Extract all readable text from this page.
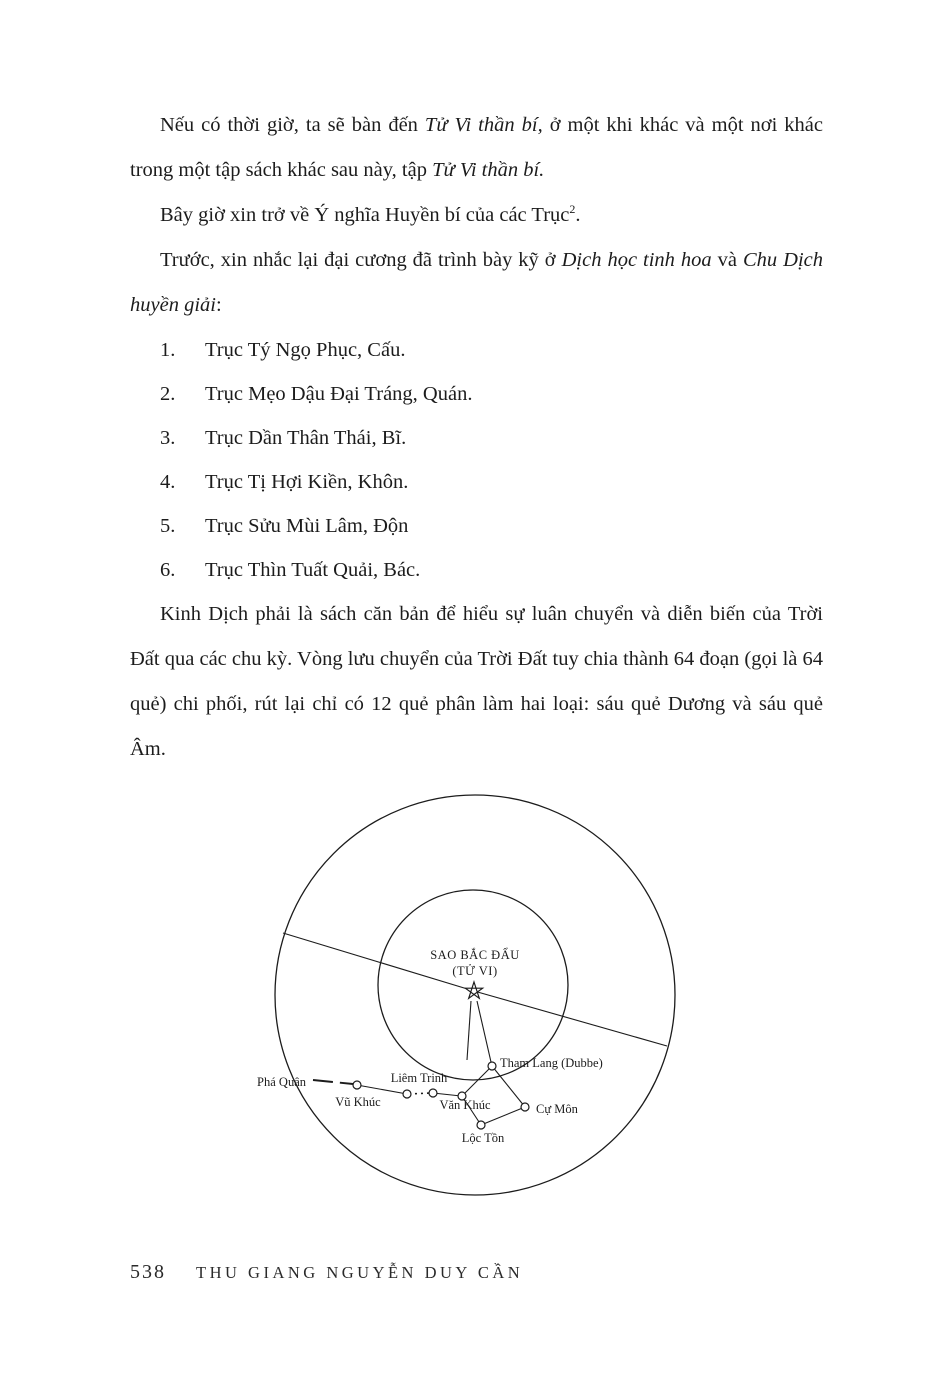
Nếu có thời giờ, ta sẽ bàn đến Tử Vi thần bí, ở một khi khác và một nơi khác trong một tập sách khác sau này, tập Tử Vi thần bí.

Bây giờ xin trở về Ý nghĩa Huyền bí của các Trục$^2$.

Trước, xin nhắc lại đại cương đã trình bày kỹ ở Dịch học tinh hoa và Chu Dịch huyền giải:

1. Trục Tý Ngọ Phục, Cấu.
2. Trục Mẹo Dậu Đại Tráng, Quán.
3. Trục Dần Thân Thái, Bĩ.
4. Trục Tị Hợi Kiền, Khôn.
5. Trục Sửu Mùi Lâm, Độn
6. Trục Thìn Tuất Quải, Bác.

Kinh Dịch phải là sách căn bản để hiểu sự luân chuyển và diễn biến của Trời Đất qua các chu kỳ. Vòng lưu chuyển của Trời Đất tuy chia thành 64 đoạn (gọi là 64 quẻ) chi phối, rút lại chỉ có 12 quẻ phân làm hai loại: sáu quẻ Dương và sáu quẻ Âm.

SAO BẮC ĐẨU
(TỬ VI)
Phá Quân
Vũ Khúc
Liêm Trinh
Văn Khúc
Tham Lang (Dubbe)
Cự Môn
Lộc Tồn
538 THU GIANG NGUYỄN DUY CẦN
